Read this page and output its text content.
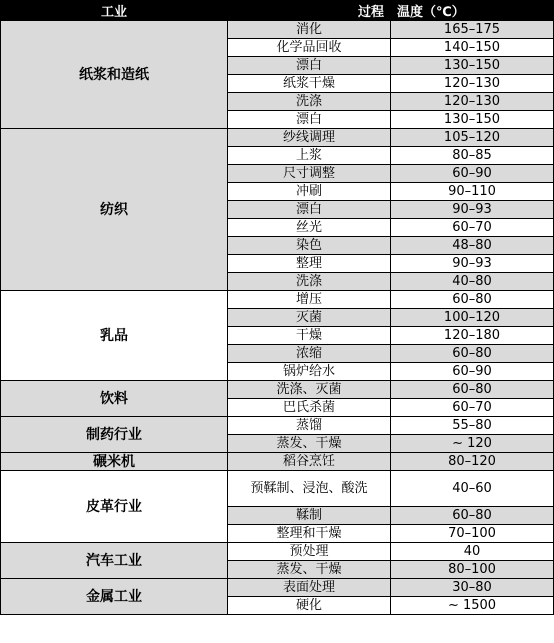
工业	过程	温度（℃）
纸浆和造纸	消化	165–175
	化学品回收	140–150
	漂白	130–150
	纸浆干燥	120–130
	洗涤	120–130
	漂白	130–150
纺织	纱线调理	105–120
	上浆	80–85
	尺寸调整	60–90
	冲刷	90–110
	漂白	90–93
	丝光	60–70
	染色	48–80
	整理	90–93
	洗涤	40–80
乳品	增压	60–80
	灭菌	100–120
	干燥	120–180
	浓缩	60–80
	锅炉给水	60–90
饮料	洗涤、灭菌	60–80
	巴氏杀菌	60–70
制药行业	蒸馏	55–80
	蒸发、干燥	~ 120
碾米机	稻谷烹饪	80–120
皮革行业	预鞣制、浸泡、酸洗	40–60
	鞣制	60–80
	整理和干燥	70–100
汽车工业	预处理	40
	蒸发、干燥	80–100
金属工业	表面处理	30–80
	硬化	~ 1500
